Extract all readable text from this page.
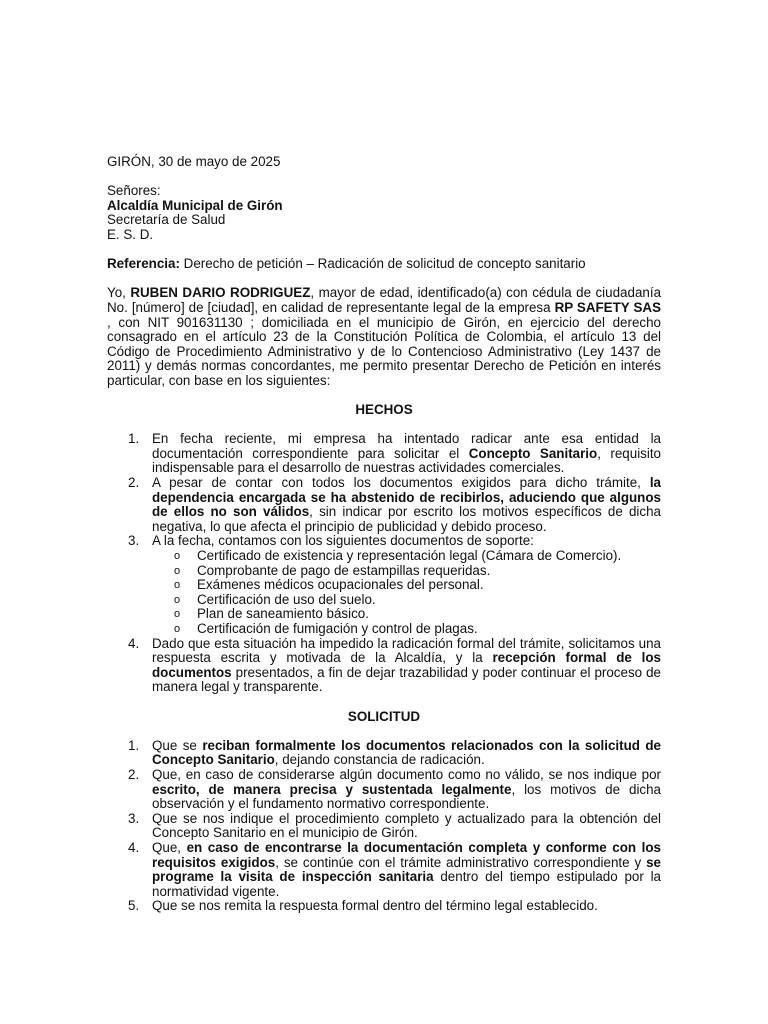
GIRÓN, 30 de mayo de 2025

Señores:

Alcaldía Municipal de Girón

Secretaría de Salud

E. S. D.

Referencia: Derecho de petición – Radicación de solicitud de concepto sanitario

Yo, RUBEN DARIO RODRIGUEZ, mayor de edad, identificado(a) con cédula de ciudadanía No. [número] de [ciudad], en calidad de representante legal de la empresa RP SAFETY SAS , con NIT 901631130 ; domiciliada en el municipio de Girón, en ejercicio del derecho consagrado en el artículo 23 de la Constitución Política de Colombia, el artículo 13 del Código de Procedimiento Administrativo y de lo Contencioso Administrativo (Ley 1437 de 2011) y demás normas concordantes, me permito presentar Derecho de Petición en interés particular, con base en los siguientes:

HECHOS

1. En fecha reciente, mi empresa ha intentado radicar ante esa entidad la documentación correspondiente para solicitar el Concepto Sanitario, requisito indispensable para el desarrollo de nuestras actividades comerciales.
2. A pesar de contar con todos los documentos exigidos para dicho trámite, la dependencia encargada se ha abstenido de recibirlos, aduciendo que algunos de ellos no son válidos, sin indicar por escrito los motivos específicos de dicha negativa, lo que afecta el principio de publicidad y debido proceso.
3. A la fecha, contamos con los siguientes documentos de soporte:
o Certificado de existencia y representación legal (Cámara de Comercio).
o Comprobante de pago de estampillas requeridas.
o Exámenes médicos ocupacionales del personal.
o Certificación de uso del suelo.
o Plan de saneamiento básico.
o Certificación de fumigación y control de plagas.
4. Dado que esta situación ha impedido la radicación formal del trámite, solicitamos una respuesta escrita y motivada de la Alcaldía, y la recepción formal de los documentos presentados, a fin de dejar trazabilidad y poder continuar el proceso de manera legal y transparente.

SOLICITUD

1. Que se reciban formalmente los documentos relacionados con la solicitud de Concepto Sanitario, dejando constancia de radicación.
2. Que, en caso de considerarse algún documento como no válido, se nos indique por escrito, de manera precisa y sustentada legalmente, los motivos de dicha observación y el fundamento normativo correspondiente.
3. Que se nos indique el procedimiento completo y actualizado para la obtención del Concepto Sanitario en el municipio de Girón.
4. Que, en caso de encontrarse la documentación completa y conforme con los requisitos exigidos, se continúe con el trámite administrativo correspondiente y se programe la visita de inspección sanitaria dentro del tiempo estipulado por la normatividad vigente.
5. Que se nos remita la respuesta formal dentro del término legal establecido.
